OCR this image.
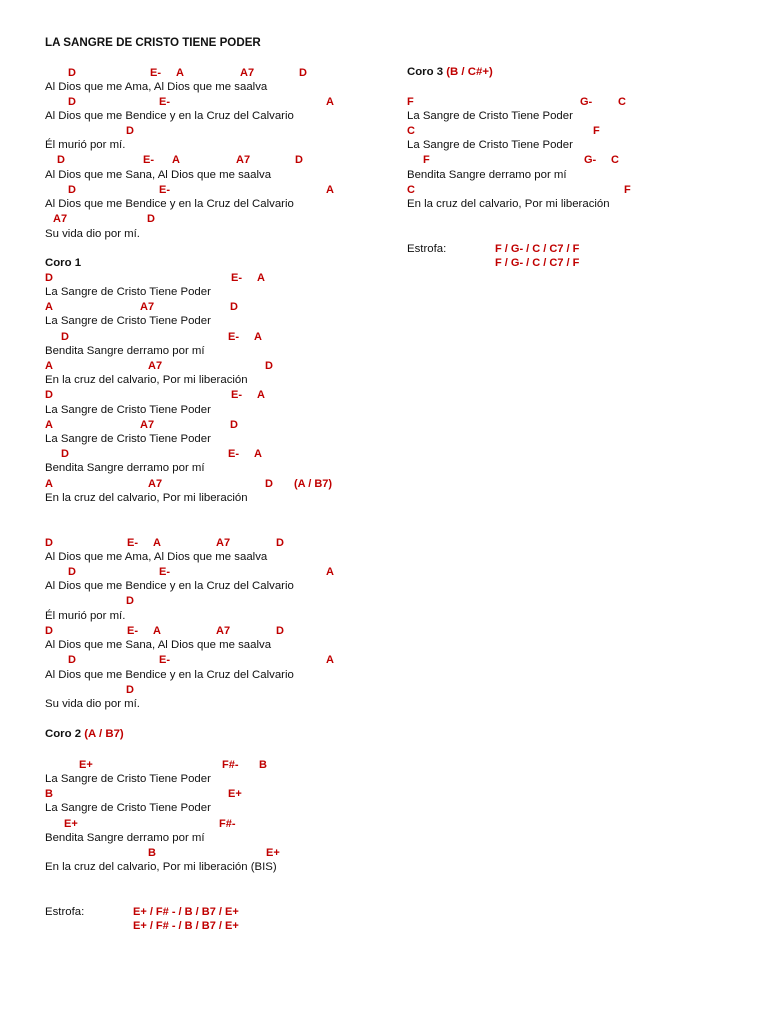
LA SANGRE DE CRISTO TIENE PODER
D	E- A	A7	D
Al Dios que me Ama, Al Dios que me saalva
D	E-	A
Al Dios que me Bendice y en la Cruz del Calvario
D
Él murió por mí.
D	E- A	A7	D
Al Dios que me Sana, Al Dios que me saalva
D	E-	A
Al Dios que me Bendice y en la Cruz del Calvario
A7	D
Su vida dio por mí.
Coro 1
D	E- A
La Sangre de Cristo Tiene Poder
A	A7	D
La Sangre de Cristo Tiene Poder
D	E- A
Bendita Sangre derramo por mí
A	A7	D
En la cruz del calvario, Por mi liberación
D	E- A
La Sangre de Cristo Tiene Poder
A	A7	D
La Sangre de Cristo Tiene Poder
D	E- A
Bendita Sangre derramo por mí
A	A7	D (A / B7)
En la cruz del calvario, Por mi liberación
D	E- A	A7	D
Al Dios que me Ama, Al Dios que me saalva
D	E-	A
Al Dios que me Bendice y en la Cruz del Calvario
D
Él murió por mí.
D	E- A	A7	D
Al Dios que me Sana, Al Dios que me saalva
D	E-	A
Al Dios que me Bendice y en la Cruz del Calvario
D
Su vida dio por mí.
Coro 2 (A / B7)
E+	F#- B
La Sangre de Cristo Tiene Poder
B	E+
La Sangre de Cristo Tiene Poder
E+	F#-
Bendita Sangre derramo por mí
B	E+
En la cruz del calvario, Por mi liberación (BIS)
Estrofa:	E+ / F# - / B / B7 / E+
E+ / F# - / B / B7 / E+
Coro 3 (B / C#+)
F	G- C
La Sangre de Cristo Tiene Poder
C	F
La Sangre de Cristo Tiene Poder
F	G- C
Bendita Sangre derramo por mí
C	F
En la cruz del calvario, Por mi liberación
Estrofa:	F / G- / C / C7 / F
F / G- / C / C7 / F
